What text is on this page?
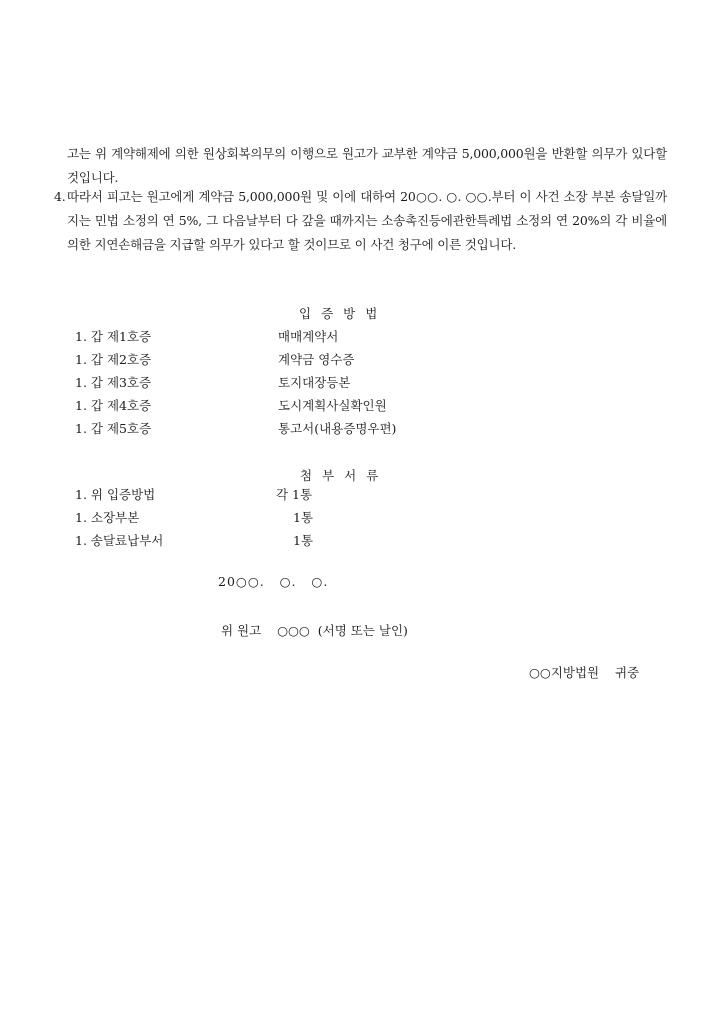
고는 위 계약해제에 의한 원상회복의무의 이행으로 원고가 교부한 계약금 5,000,000원을 반환할 의무가 있다할 것입니다.
4. 따라서 피고는 원고에게 계약금 5,000,000원 및 이에 대하여 20○○. ○. ○○.부터 이 사건 소장 부본 송달일까지는 민법 소정의 연 5%, 그 다음날부터 다 갚을 때까지는 소송촉진등에관한특례법 소정의 연 20%의 각 비율에 의한 지연손해금을 지급할 의무가 있다고 할 것이므로 이 사건 청구에 이른 것입니다.
입증방법
1. 갑 제1호증	매매계약서
1. 갑 제2호증	계약금 영수증
1. 갑 제3호증	토지대장등본
1. 갑 제4호증	도시계획사실확인원
1. 갑 제5호증	통고서(내용증명우편)
첨부서류
1. 위 입증방법	각 1통
1. 소장부본	1통
1. 송달료납부서	1통
20○○.   ○.   ○.
위 원고    ○○○  (서명 또는 날인)
○○지방법원    귀중
